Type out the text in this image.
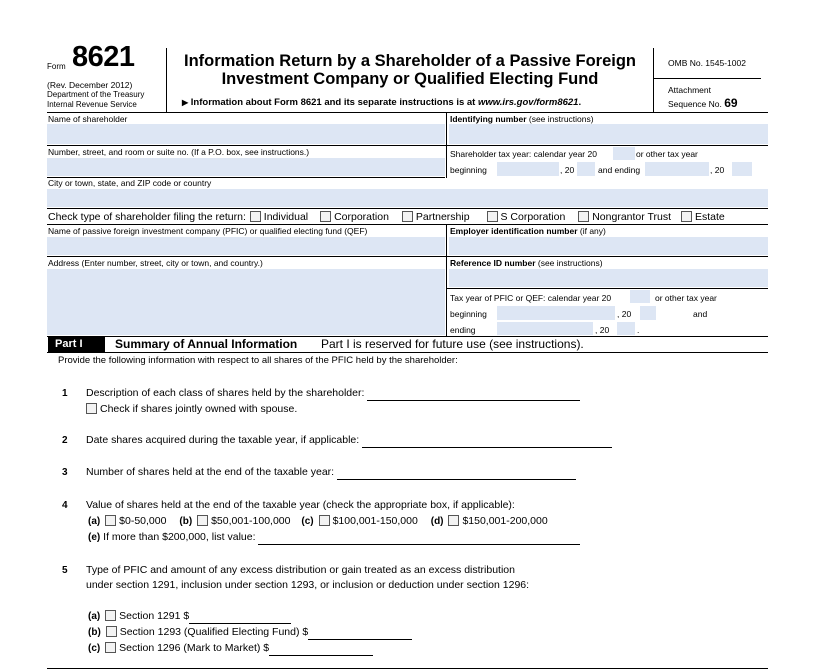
Form 8621
(Rev. December 2012)
Department of the Treasury
Internal Revenue Service
Information Return by a Shareholder of a Passive Foreign
Investment Company or Qualified Electing Fund
▶ Information about Form 8621 and its separate instructions is at www.irs.gov/form8621.
OMB No. 1545-1002
Attachment
Sequence No. 69
Name of shareholder	Identifying number (see instructions)
Number, street, and room or suite no. (If a P.O. box, see instructions.)	Shareholder tax year: calendar year 20	or other tax year
beginning	, 20	and ending	, 20
City or town, state, and ZIP code or country
Check type of shareholder filing the return: Individual Corporation	Partnership	S Corporation	Nongrantor Trust Estate
Name of passive foreign investment company (PFIC) or qualified electing fund (QEF)	Employer identification number (if any)
Address (Enter number, street, city or town, and country.)	Reference ID number (see instructions)
Tax year of PFIC or QEF: calendar year 20	or other tax year
beginning	, 20	and
ending	, 20	.
Part I	Summary of Annual Information Part I is reserved for future use (see instructions).
Provide the following information with respect to all shares of the PFIC held by the shareholder:
1 Description of each class of shares held by the shareholder:
Check if shares jointly owned with spouse.
2 Date shares acquired during the taxable year, if applicable:
3 Number of shares held at the end of the taxable year:
4 Value of shares held at the end of the taxable year (check the appropriate box, if applicable):
(a) $0-50,000 (b) $50,001-100,000 (c) $100,001-150,000 (d) $150,001-200,000
(e) If more than $200,000, list value:
5 Type of PFIC and amount of any excess distribution or gain treated as an excess distribution
under section 1291, inclusion under section 1293, or inclusion or deduction under section 1296:
(a) Section 1291 $
(b) Section 1293 (Qualified Electing Fund) $
(c) Section 1296 (Mark to Market) $
